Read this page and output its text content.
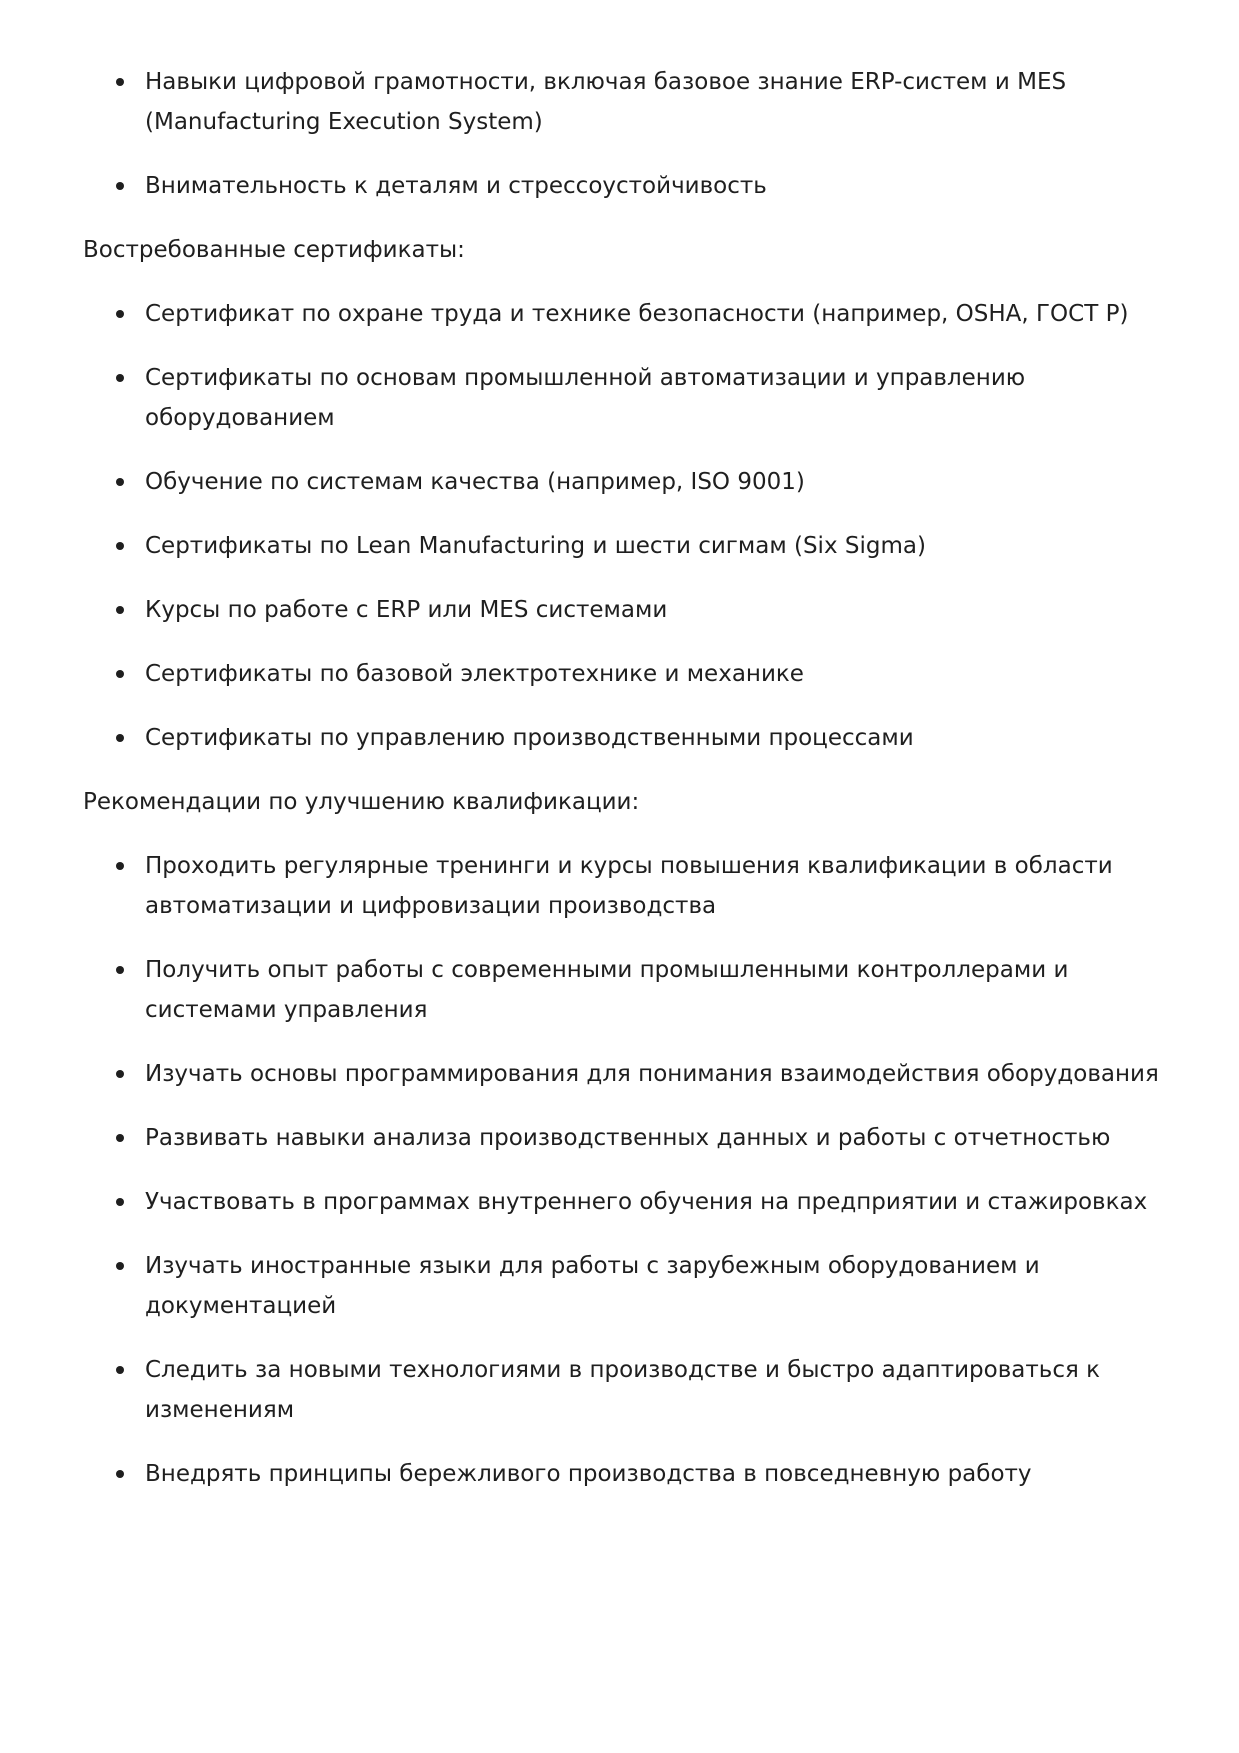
Навыки цифровой грамотности, включая базовое знание ERP-систем и MES (Manufacturing Execution System)
Внимательность к деталям и стрессоустойчивость

Востребованные сертификаты:

Сертификат по охране труда и технике безопасности (например, OSHA, ГОСТ Р)
Сертификаты по основам промышленной автоматизации и управлению оборудованием
Обучение по системам качества (например, ISO 9001)
Сертификаты по Lean Manufacturing и шести сигмам (Six Sigma)
Курсы по работе с ERP или MES системами
Сертификаты по базовой электротехнике и механике
Сертификаты по управлению производственными процессами

Рекомендации по улучшению квалификации:

Проходить регулярные тренинги и курсы повышения квалификации в области автоматизации и цифровизации производства
Получить опыт работы с современными промышленными контроллерами и системами управления
Изучать основы программирования для понимания взаимодействия оборудования
Развивать навыки анализа производственных данных и работы с отчетностью
Участвовать в программах внутреннего обучения на предприятии и стажировках
Изучать иностранные языки для работы с зарубежным оборудованием и документацией
Следить за новыми технологиями в производстве и быстро адаптироваться к изменениям
Внедрять принципы бережливого производства в повседневную работу
